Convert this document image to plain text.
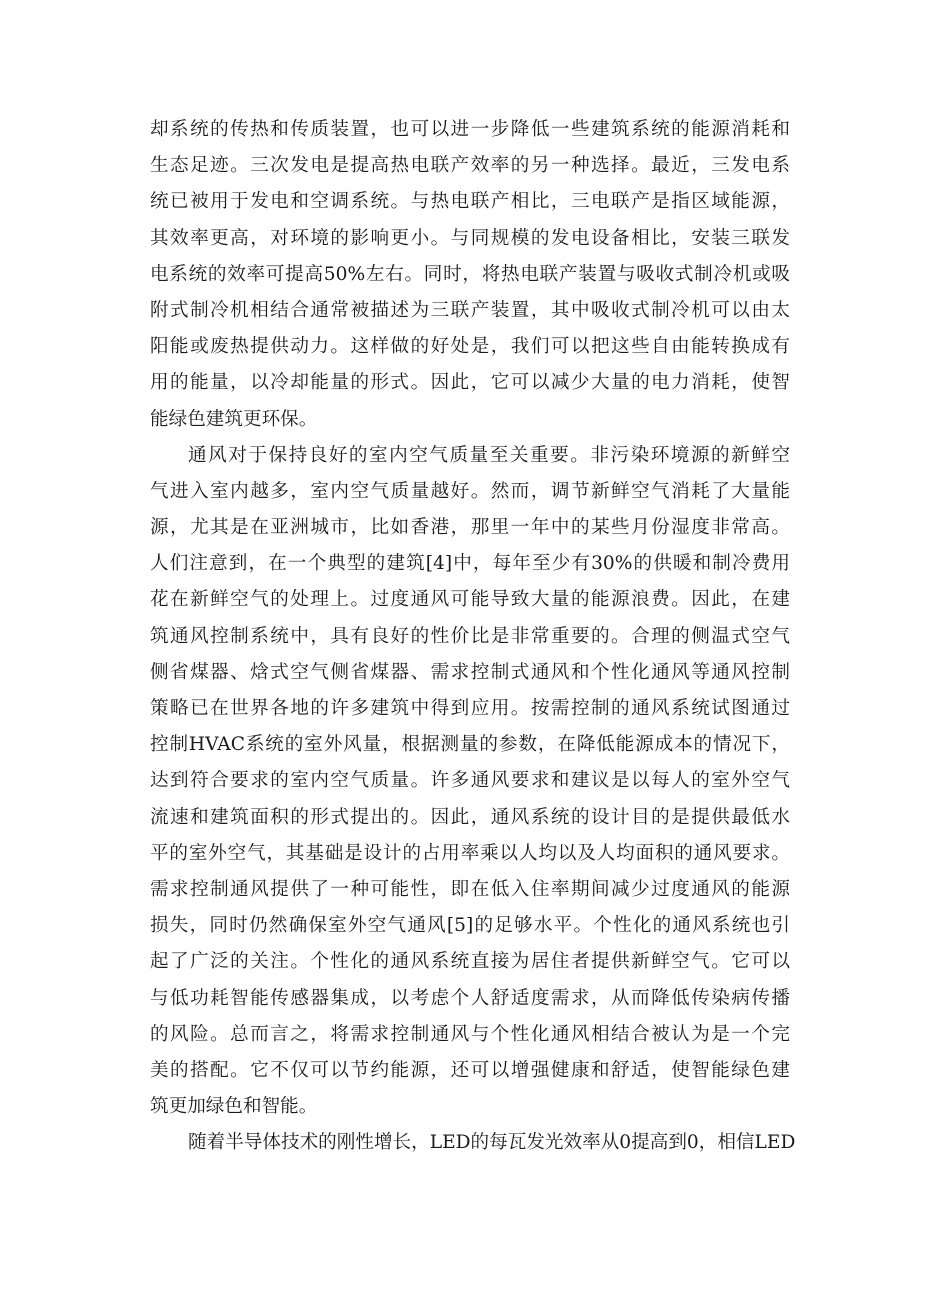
却系统的传热和传质装置，也可以进一步降低一些建筑系统的能源消耗和
生态足迹。三次发电是提高热电联产效率的另一种选择。最近，三发电系
统已被用于发电和空调系统。与热电联产相比，三电联产是指区域能源，
其效率更高，对环境的影响更小。与同规模的发电设备相比，安装三联发
电系统的效率可提高50%左右。同时，将热电联产装置与吸收式制冷机或吸
附式制冷机相结合通常被描述为三联产装置，其中吸收式制冷机可以由太
阳能或废热提供动力。这样做的好处是，我们可以把这些自由能转换成有
用的能量，以冷却能量的形式。因此，它可以减少大量的电力消耗，使智
能绿色建筑更环保。
通风对于保持良好的室内空气质量至关重要。非污染环境源的新鲜空
气进入室内越多，室内空气质量越好。然而，调节新鲜空气消耗了大量能
源，尤其是在亚洲城市，比如香港，那里一年中的某些月份湿度非常高。
人们注意到，在一个典型的建筑[4]中，每年至少有30%的供暖和制冷费用
花在新鲜空气的处理上。过度通风可能导致大量的能源浪费。因此，在建
筑通风控制系统中，具有良好的性价比是非常重要的。合理的侧温式空气
侧省煤器、焓式空气侧省煤器、需求控制式通风和个性化通风等通风控制
策略已在世界各地的许多建筑中得到应用。按需控制的通风系统试图通过
控制HVAC系统的室外风量，根据测量的参数，在降低能源成本的情况下，
达到符合要求的室内空气质量。许多通风要求和建议是以每人的室外空气
流速和建筑面积的形式提出的。因此，通风系统的设计目的是提供最低水
平的室外空气，其基础是设计的占用率乘以人均以及人均面积的通风要求。
需求控制通风提供了一种可能性，即在低入住率期间减少过度通风的能源
损失，同时仍然确保室外空气通风[5]的足够水平。个性化的通风系统也引
起了广泛的关注。个性化的通风系统直接为居住者提供新鲜空气。它可以
与低功耗智能传感器集成，以考虑个人舒适度需求，从而降低传染病传播
的风险。总而言之，将需求控制通风与个性化通风相结合被认为是一个完
美的搭配。它不仅可以节约能源，还可以增强健康和舒适，使智能绿色建
筑更加绿色和智能。
随着半导体技术的刚性增长，LED的每瓦发光效率从0提高到0，相信LED
